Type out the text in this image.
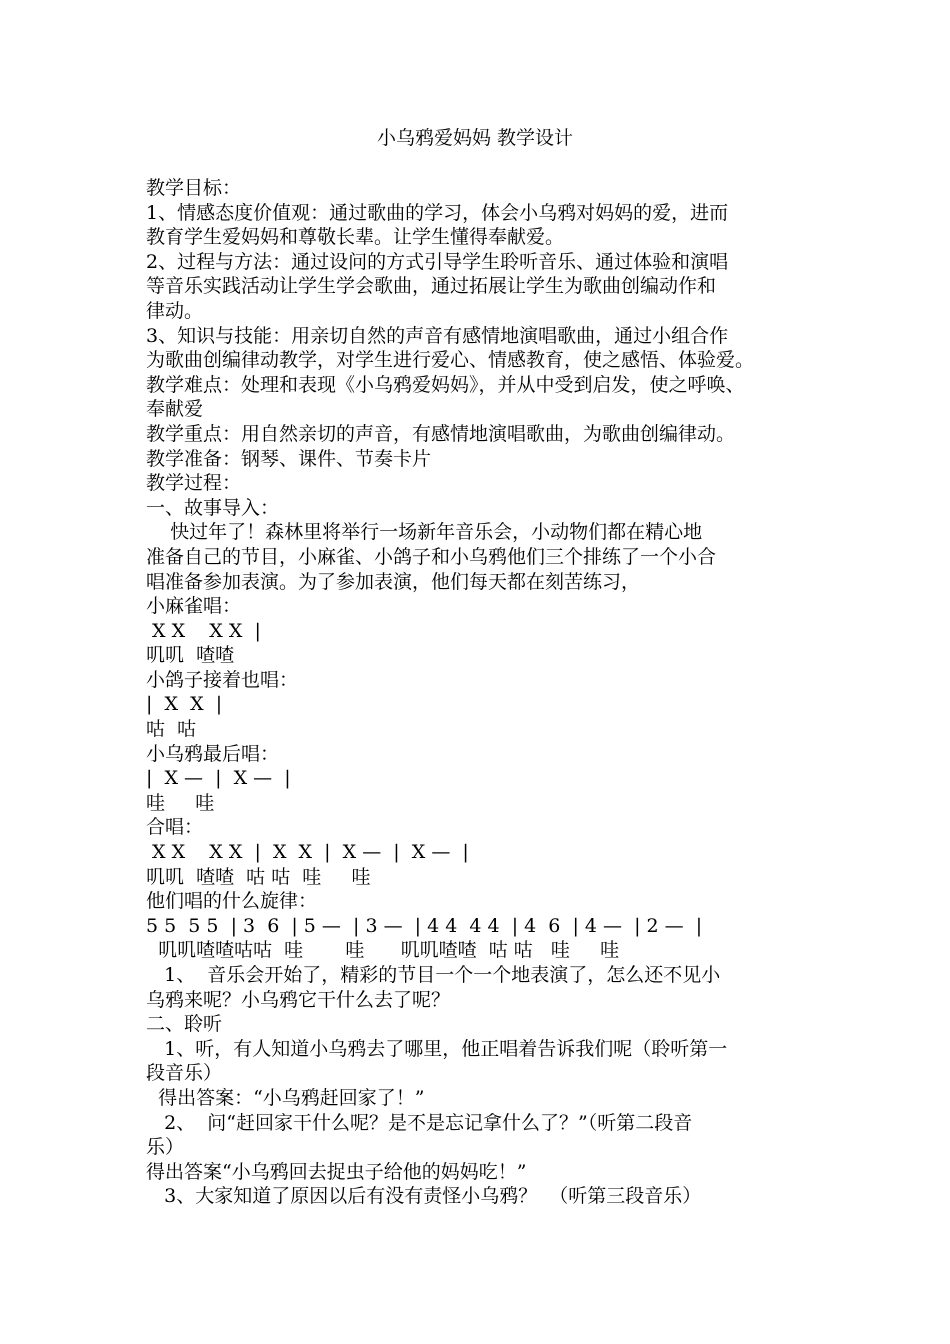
小乌鸦爱妈妈 教学设计
教学目标：
1、情感态度价值观：通过歌曲的学习，体会小乌鸦对妈妈的爱，进而
教育学生爱妈妈和尊敬长辈。让学生懂得奉献爱。
2、过程与方法：通过设问的方式引导学生聆听音乐、通过体验和演唱
等音乐实践活动让学生学会歌曲，通过拓展让学生为歌曲创编动作和
律动。
3、知识与技能：用亲切自然的声音有感情地演唱歌曲，通过小组合作
为歌曲创编律动教学，对学生进行爱心、情感教育，使之感悟、体验爱。
教学难点：处理和表现《小乌鸦爱妈妈》，并从中受到启发，使之呼唤、
奉献爱
教学重点：用自然亲切的声音，有感情地演唱歌曲，为歌曲创编律动。
教学准备：钢琴、课件、节奏卡片
教学过程：
一、故事导入：
快过年了！森林里将举行一场新年音乐会，小动物们都在精心地
准备自己的节目，小麻雀、小鸽子和小乌鸦他们三个排练了一个小合
唱准备参加表演。为了参加表演，他们每天都在刻苦练习，
小麻雀唱：
X X    X X  |
叽叽  喳喳
小鸽子接着也唱：
|  X  X  |
咕  咕
小乌鸦最后唱：
|  X —  |  X —  |
哇     哇
合唱：
X X    X X  |  X  X  |  X —  |  X —  |
叽叽  喳喳  咕 咕  哇     哇
他们唱的什么旋律：
5 5  5 5  | 3  6  | 5 —  | 3 —  | 4 4  4 4  | 4  6  | 4 —  | 2 —  |
叽叽喳喳咕咕  哇       哇      叽叽喳喳  咕 咕   哇     哇
1、  音乐会开始了，精彩的节目一个一个地表演了，怎么还不见小
乌鸦来呢？小乌鸦它干什么去了呢？
二、聆听
1、听，有人知道小乌鸦去了哪里，他正唱着告诉我们呢（聆听第一
段音乐）
得出答案：“小乌鸦赶回家了！”
2、  问“赶回家干什么呢？是不是忘记拿什么了？”（听第二段音
乐）
得出答案“小乌鸦回去捉虫子给他的妈妈吃！”
3、大家知道了原因以后有没有责怪小乌鸦？  （听第三段音乐）
